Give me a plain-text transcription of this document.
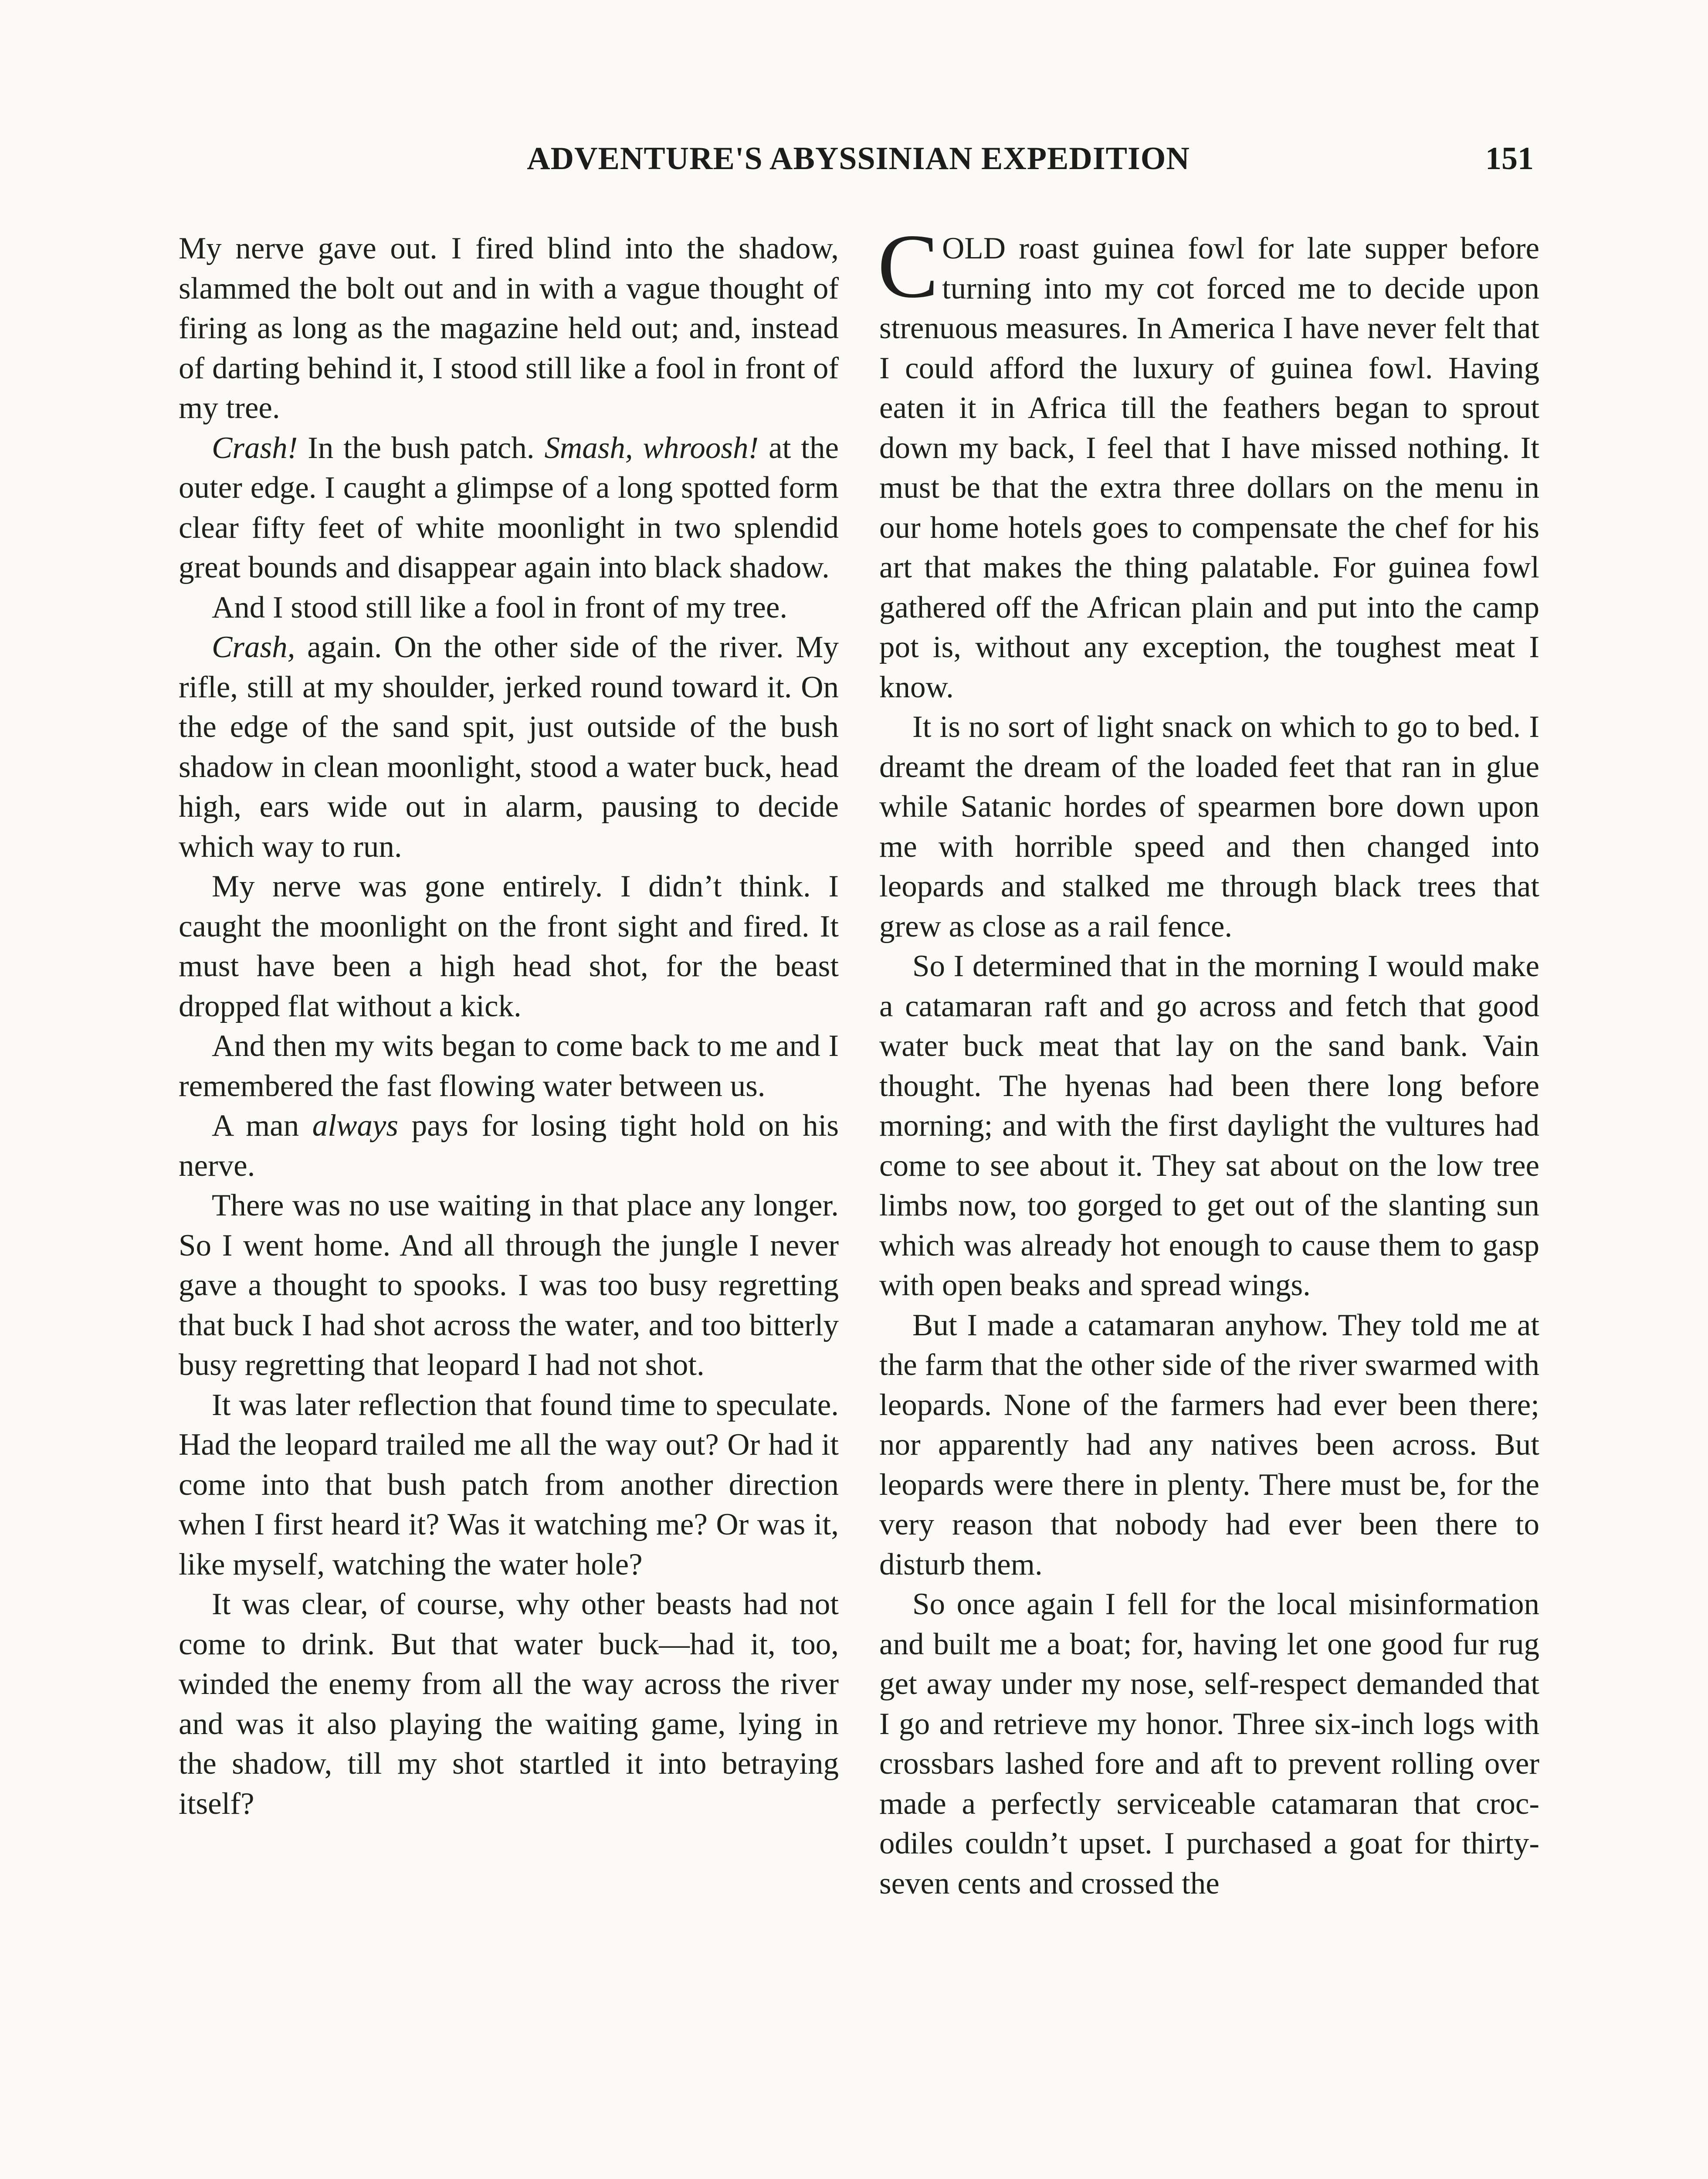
ADVENTURE'S ABYSSINIAN EXPEDITION	151

My nerve gave out. I fired blind into the shadow, slammed the bolt out and in with a vague thought of firing as long as the magazine held out; and, instead of darting behind it, I stood still like a fool in front of my tree.

Crash! In the bush patch. Smash, whroosh! at the outer edge. I caught a glimpse of a long spotted form clear fifty feet of white moonlight in two splendid great bounds and disappear again into black shadow.

And I stood still like a fool in front of my tree.

Crash, again. On the other side of the river. My rifle, still at my shoulder, jerked round toward it. On the edge of the sand spit, just outside of the bush shadow in clean moonlight, stood a water buck, head high, ears wide out in alarm, pausing to decide which way to run.

My nerve was gone entirely. I didn’t think. I caught the moonlight on the front sight and fired. It must have been a high head shot, for the beast dropped flat without a kick.

And then my wits began to come back to me and I remembered the fast flowing water between us.

A man always pays for losing tight hold on his nerve.

There was no use waiting in that place any longer. So I went home. And all through the jungle I never gave a thought to spooks. I was too busy regretting that buck I had shot across the water, and too bitterly busy regretting that leopard I had not shot.

It was later reflection that found time to speculate. Had the leopard trailed me all the way out? Or had it come into that bush patch from another direction when I first heard it? Was it watching me? Or was it, like myself, watching the water hole?

It was clear, of course, why other beasts had not come to drink. But that water buck—had it, too, winded the enemy from all the way across the river and was it also playing the waiting game, lying in the shadow, till my shot startled it into betraying itself?

COLD roast guinea fowl for late supper before turning into my cot forced me to decide upon strenuous measures. In America I have never felt that I could afford the luxury of guinea fowl. Having eaten it in Africa till the feathers began to sprout down my back, I feel that I have missed nothing. It must be that the extra three dollars on the menu in our home hotels goes to compensate the chef for his art that makes the thing palatable. For guinea fowl gathered off the African plain and put into the camp pot is, without any exception, the toughest meat I know.

It is no sort of light snack on which to go to bed. I dreamt the dream of the loaded feet that ran in glue while Satanic hordes of spearmen bore down upon me with horrible speed and then changed into leopards and stalked me through black trees that grew as close as a rail fence.

So I determined that in the morning I would make a catamaran raft and go across and fetch that good water buck meat that lay on the sand bank. Vain thought. The hyenas had been there long before morning; and with the first daylight the vultures had come to see about it. They sat about on the low tree limbs now, too gorged to get out of the slanting sun which was already hot enough to cause them to gasp with open beaks and spread wings.

But I made a catamaran anyhow. They told me at the farm that the other side of the river swarmed with leopards. None of the farmers had ever been there; nor apparently had any natives been across. But leopards were there in plenty. There must be, for the very reason that nobody had ever been there to disturb them.

So once again I fell for the local misinformation and built me a boat; for, having let one good fur rug get away under my nose, self-respect demanded that I go and retrieve my honor. Three six-inch logs with crossbars lashed fore and aft to prevent rolling over made a perfectly serviceable catamaran that crocodiles couldn’t upset. I purchased a goat for thirty-seven cents and crossed the
